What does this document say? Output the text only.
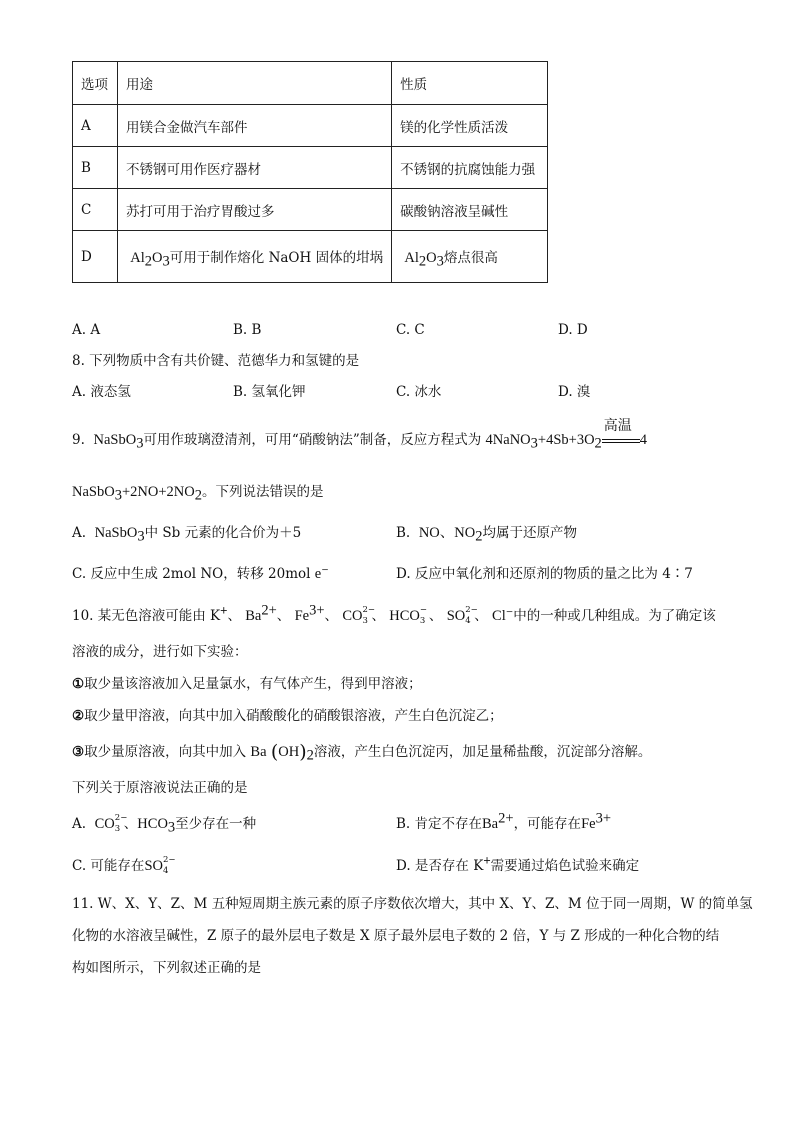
选项	用途	性质
A	用镁合金做汽车部件	镁的化学性质活泼
B	不锈钢可用作医疗器材	不锈钢的抗腐蚀能力强
C	苏打可用于治疗胃酸过多	碳酸钠溶液呈碱性
D	$Al_2O_3$可用于制作熔化 NaOH 固体的坩埚	$Al_2O_3$熔点很高
A. A	B. B	C. C	D. D
8. 下列物质中含有共价键、范德华力和氢键的是
A. 液态氢	B. 氢氧化钾	C. 冰水	D. 溴
9. NaSbO$_3$可用作玻璃澄清剂，可用“硝酸钠法”制备，反应方程式为 $4NaNO_3+4Sb+3O_2$
高温
4
$NaSbO_3+2NO+2NO_2$。下列说法错误的是
A. NaSbO$_3$中 Sb 元素的化合价为＋5	B. NO、$NO_2$均属于还原产物
C. 反应中生成 2mol NO，转移 20mol e−	D. 反应中氧化剂和还原剂的物质的量之比为 4∶7
10. 某无色溶液可能由 K+、 $Ba^{2+}$、 $Fe^{3+}$、 CO 2−
3 、 HCO −
3 、 SO 2−
4 、 Cl−中的一种或几种组成。为了确定该
溶液的成分，进行如下实验：
①取少量该溶液加入足量氯水，有气体产生，得到甲溶液；
②取少量甲溶液，向其中加入硝酸酸化的硝酸银溶液，产生白色沉淀乙；
③取少量原溶液，向其中加入 Ba $(OH)_2$溶液，产生白色沉淀丙，加足量稀盐酸，沉淀部分溶解。
下列关于原溶液说法正确的是
A. CO 2−
3 、$HCO_3$至少存在一种	B. 肯定不存在$Ba^{2+}$，可能存在$Fe^{3+}$
C. 可能存在SO 2−
4	D. 是否存在 K+需要通过焰色试验来确定
11. W、X、Y、Z、M 五种短周期主族元素的原子序数依次增大，其中 X、Y、Z、M 位于同一周期，W 的简单氢
化物的水溶液呈碱性，Z 原子的最外层电子数是 X 原子最外层电子数的 2 倍，Y 与 Z 形成的一种化合物的结
构如图所示，下列叙述正确的是
